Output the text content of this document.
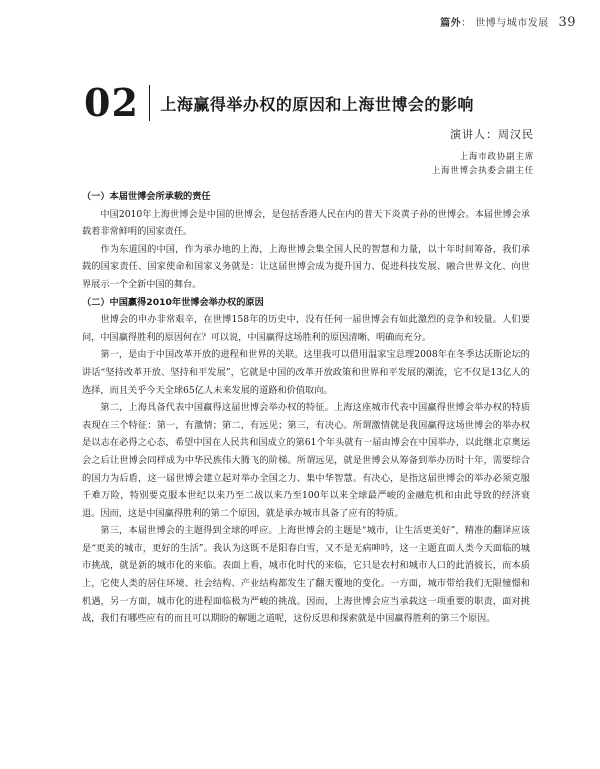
篇外： 世博与城市发展 39
02 上海赢得举办权的原因和上海世博会的影响
演讲人：周汉民
上海市政协副主席
上海世博会执委会副主任
（一）本届世博会所承载的责任

中国2010年上海世博会是中国的世博会，是包括香港人民在内的普天下炎黄子孙的世博会。本届世博会承载着非常鲜明的国家责任。

作为东道国的中国，作为承办地的上海，上海世博会集全国人民的智慧和力量，以十年时间筹备，我们承载的国家责任、国家使命和国家义务就是：让这届世博会成为提升国力、促进科技发展、融合世界文化、向世界展示一个全新中国的舞台。

（二）中国赢得2010年世博会举办权的原因

世博会的申办非常艰辛，在世博158年的历史中，没有任何一届世博会有如此激烈的竞争和较量。人们要问，中国赢得胜利的原因何在？可以说，中国赢得这场胜利的原因清晰、明确而充分。

第一，是由于中国改革开放的进程和世界的关联。这里我可以借用温家宝总理2008年在冬季达沃斯论坛的讲话“坚持改革开放、坚持和平发展”，它就是中国的改革开放政策和世界和平发展的潮流，它不仅是13亿人的选择，而且关乎今天全球65亿人未来发展的道路和价值取向。

第二，上海具备代表中国赢得这届世博会举办权的特征。上海这座城市代表中国赢得世博会举办权的特质表现在三个特征：第一，有激情；第二，有远见；第三，有决心。所谓激情就是我国赢得这场世博会的举办权是以志在必得之心态，希望中国在人民共和国成立的第61个年头就有一届由博会在中国举办，以此继北京奥运会之后让世博会同样成为中华民族伟大腾飞的阶梯。所谓远见，就是世博会从筹备到举办历时十年，需要综合的国力为后盾，这一届世博会建立起对举办全国之力、集中华智慧。有决心，是指这届世博会的举办必须克服千难万险，特别要克服本世纪以来乃至二战以来乃至100年以来全球最严峻的金融危机和由此导致的经济衰退。因而，这是中国赢得胜利的第二个原因，就是承办城市具备了应有的特质。

第三，本届世博会的主题得到全球的呼应。上海世博会的主题是“城市，让生活更美好”，精准的翻译应该是“更美的城市，更好的生活”。我认为这既不是阳春白雪，又不是无病呻吟，这一主题直面人类今天面临的城市挑战，就是新的城市化的来临。表面上看，城市化时代的来临，它只是农村和城市人口的此消彼长，而本质上，它使人类的居住环境、社会结构、产业结构都发生了翻天覆地的变化。一方面，城市带给我们无限憧憬和机遇，另一方面，城市化的进程面临极为严峻的挑战。因而，上海世博会应当承载这一项重要的职责，面对挑战，我们有哪些应有的而且可以期盼的解题之道呢，这份反思和探索就是中国赢得胜利的第三个原因。
